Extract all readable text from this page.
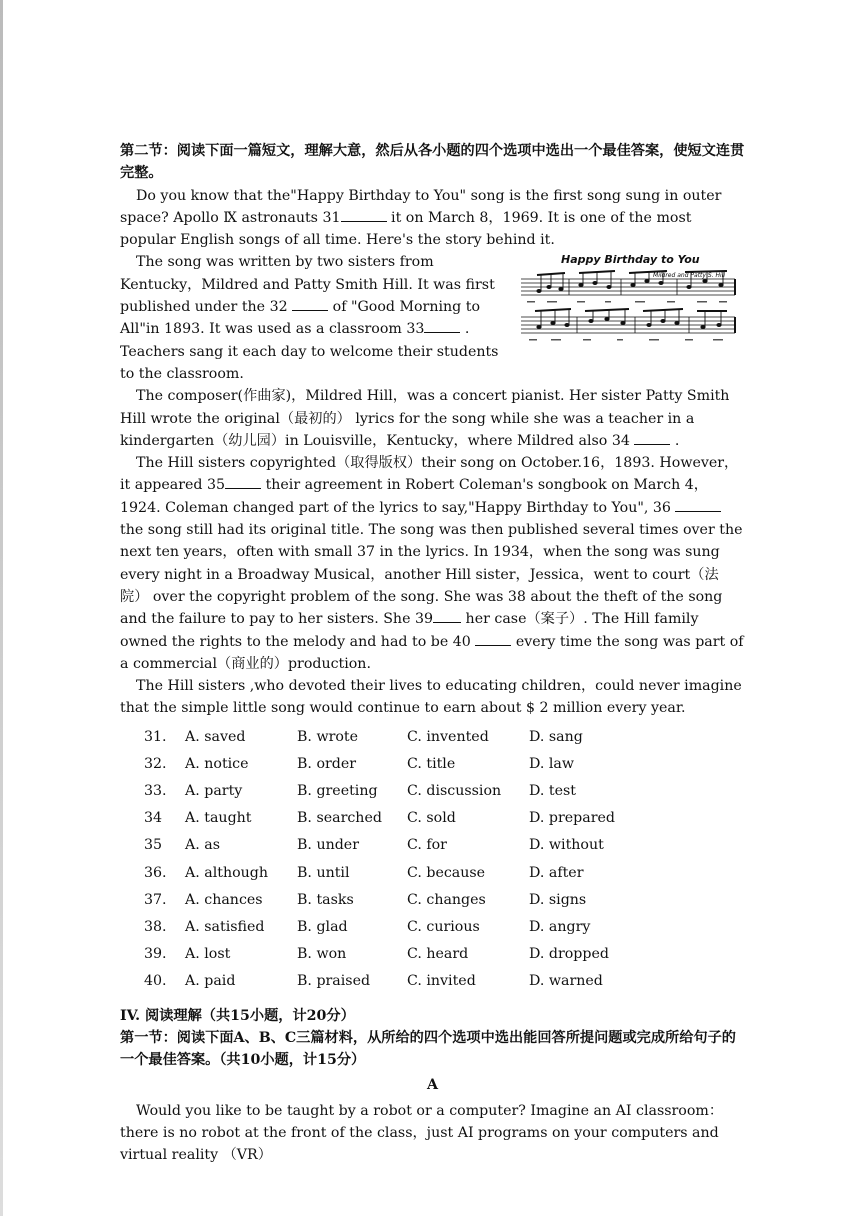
第二节：阅读下面一篇短文，理解大意，然后从各小题的四个选项中选出一个最佳答案，使短文连贯完整。

Do you know that the"Happy Birthday to You" song is the first song sung in outer space? Apollo Ⅸ astronauts 31	it on March 8，1969. It is one of the most popular English songs of all time. Here's the story behind it.

Happy Birthday to You
Mildred and Patty S. Hill

The song was written by two sisters from Kentucky，Mildred and Patty Smith Hill. It was first published under the 32	of "Good Morning to All"in 1893. It was used as a classroom 33	. Teachers sang it each day to welcome their students to the classroom.

The composer(作曲家)，Mildred Hill，was a concert pianist. Her sister Patty Smith Hill wrote the original（最初的） lyrics for the song while she was a teacher in a kindergarten（幼儿园）in Louisville，Kentucky，where Mildred also 34	.

The Hill sisters copyrighted（取得版权）their song on October.16，1893. However，it appeared 35	their agreement in Robert Coleman's songbook on March 4，1924. Coleman changed part of the lyrics to say,"Happy Birthday to You", 36  the song still had its original title. The song was then published several times over the next ten years，often with small 37 in the lyrics. In 1934，when the song was sung every night in a Broadway Musical，another Hill sister，Jessica，went to court（法院） over the copyright problem of the song. She was 38 about the theft of the song and the failure to pay to her sisters. She 39 her case（案子）. The Hill family owned the rights to the melody and had to be 40	every time the song was part of a commercial（商业的）production.

The Hill sisters ,who devoted their lives to educating children，could never imagine that the simple little song would continue to earn about $ 2 million every year.

31.	A. saved	B. wrote	C. invented	D. sang
32.	A. notice	B. order	C. title	D. law
33.	A. party	B. greeting	C. discussion	D. test
34	A. taught	B. searched	C. sold	D. prepared
35	A. as	B. under	C. for	D. without
36.	A. although	B. until	C. because	D. after
37.	A. chances	B. tasks	C. changes	D. signs
38.	A. satisfied	B. glad	C. curious	D. angry
39.	A. lost	B. won	C. heard	D. dropped
40.	A. paid	B. praised	C. invited	D. warned

IV. 阅读理解（共15小题，计20分）

第一节：阅读下面A、B、C三篇材料，从所给的四个选项中选出能回答所提问题或完成所给句子的一个最佳答案。（共10小题，计15分）

A

Would you like to be taught by a robot or a computer? Imagine an AI classroom：there is no robot at the front of the class，just AI programs on your computers and virtual reality （VR）
